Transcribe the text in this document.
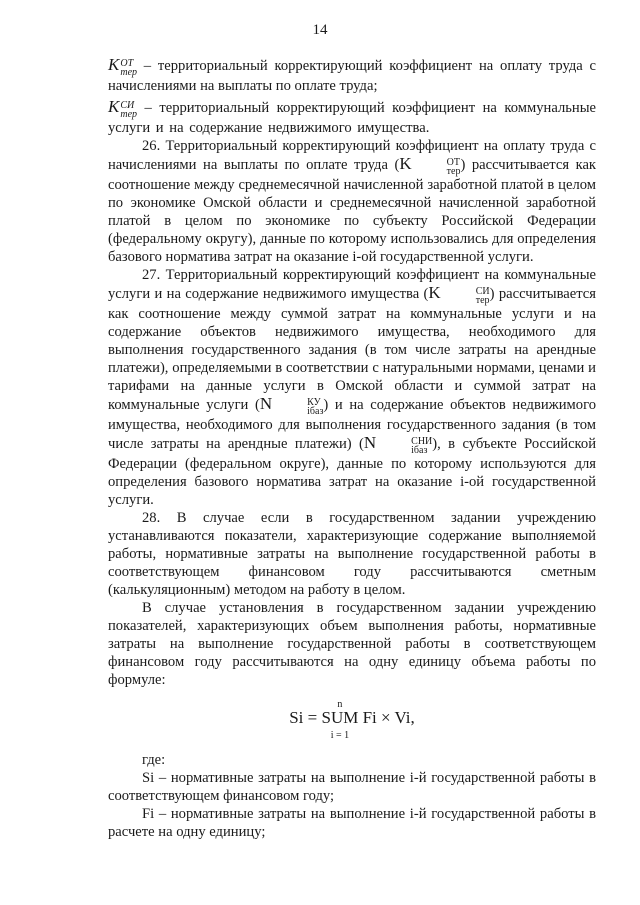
14

K ОТ
тер – территориальный корректирующий коэффициент на оплату труда с начислениями на выплаты по оплате труда;

K СИ
тер – территориальный корректирующий коэффициент на коммунальные услуги и на содержание недвижимого имущества.

26. Территориальный корректирующий коэффициент на оплату труда с начислениями на выплаты по оплате труда (K	ОТ
тер ) рассчитывается как соотношение между среднемесячной начисленной заработной платой в целом по экономике Омской области и среднемесячной начисленной заработной платой в целом по экономике по субъекту Российской Федерации (федеральному округу), данные по которому использовались для определения базового норматива затрат на оказание i-ой государственной услуги.

27. Территориальный корректирующий коэффициент на коммунальные услуги и на содержание недвижимого имущества (K	СИ
тер ) рассчитывается как соотношение между суммой затрат на коммунальные услуги и на содержание объектов недвижимого имущества, необходимого для выполнения государственного задания (в том числе затраты на арендные платежи), определяемыми в соответствии с натуральными нормами, ценами и тарифами на данные услуги в Омской области и суммой затрат на коммунальные услуги (N	КУ
iбаз ) и на содержание объектов недвижимого имущества, необходимого для выполнения государственного задания (в том числе затраты на арендные платежи) (N	СНИ
iбаз ), в субъекте Российской Федерации (федеральном округе), данные по которому используются для определения базового норматива затрат на оказание i-ой государственной услуги.

28. В случае если в государственном задании учреждению устанавливаются показатели, характеризующие содержание выполняемой работы, нормативные затраты на выполнение государственной работы в соответствующем финансовом году рассчитываются сметным (калькуляционным) методом на работу в целом.

В случае установления в государственном задании учреждению показателей, характеризующих объем выполнения работы, нормативные затраты на выполнение государственной работы в соответствующем финансовом году рассчитываются на одну единицу объема работы по формуле:

Si =
n
SUM
i = 1
Fi × Vi,

где:

Si – нормативные затраты на выполнение i-й государственной работы в соответствующем финансовом году;

Fi – нормативные затраты на выполнение i-й государственной работы в расчете на одну единицу;
